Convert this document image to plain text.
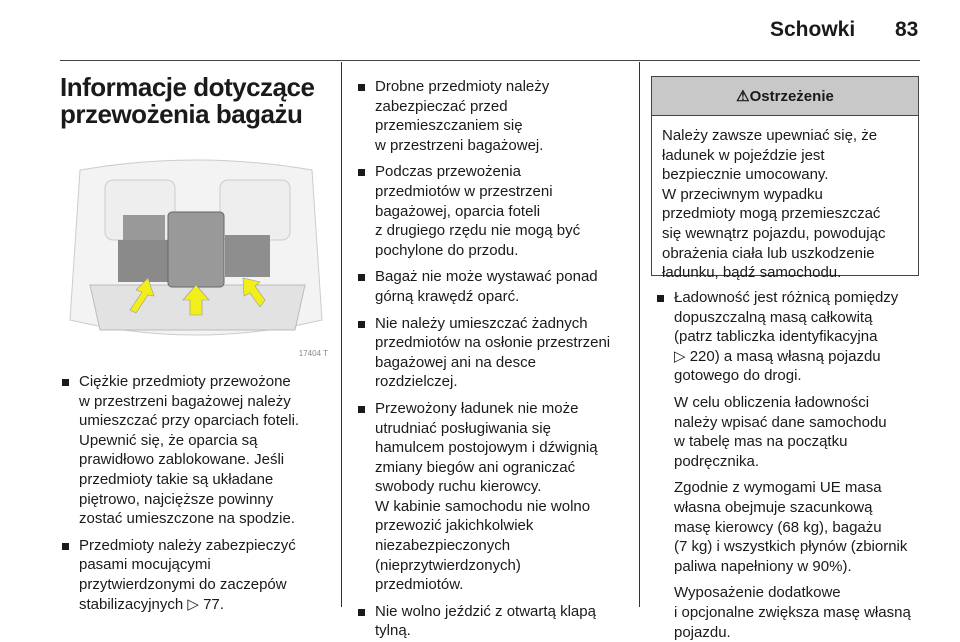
Schowki 83
Informacje dotyczące
przewożenia bagażu
17404 T
Ciężkie przedmioty przewożone
w przestrzeni bagażowej należy
umieszczać przy oparciach foteli.
Upewnić się, że oparcia są
prawidłowo zablokowane. Jeśli
przedmioty takie są układane
piętrowo, najcięższe powinny
zostać umieszczone na spodzie.
Przedmioty należy zabezpieczyć
pasami mocującymi
przytwierdzonymi do zaczepów
stabilizacyjnych ▷ 77.
Drobne przedmioty należy
zabezpieczać przed
przemieszczaniem się
w przestrzeni bagażowej.
Podczas przewożenia
przedmiotów w przestrzeni
bagażowej, oparcia foteli
z drugiego rzędu nie mogą być
pochylone do przodu.
Bagaż nie może wystawać ponad
górną krawędź oparć.
Nie należy umieszczać żadnych
przedmiotów na osłonie przestrzeni
bagażowej ani na desce
rozdzielczej.
Przewożony ładunek nie może
utrudniać posługiwania się
hamulcem postojowym i dźwignią
zmiany biegów ani ograniczać
swobody ruchu kierowcy.
W kabinie samochodu nie wolno
przewozić jakichkolwiek
niezabezpieczonych
(nieprzytwierdzonych)
przedmiotów.
Nie wolno jeździć z otwartą klapą
tylną.
⚠Ostrzeżenie
Należy zawsze upewniać się, że
ładunek w pojeździe jest
bezpiecznie umocowany.
W przeciwnym wypadku
przedmioty mogą przemieszczać
się wewnątrz pojazdu, powodując
obrażenia ciała lub uszkodzenie
ładunku, bądź samochodu.
Ładowność jest różnicą pomiędzy
dopuszczalną masą całkowitą
(patrz tabliczka identyfikacyjna
▷ 220) a masą własną pojazdu
gotowego do drogi.
W celu obliczenia ładowności
należy wpisać dane samochodu
w tabelę mas na początku
podręcznika.
Zgodnie z wymogami UE masa
własna obejmuje szacunkową
masę kierowcy (68 kg), bagażu
(7 kg) i wszystkich płynów (zbiornik
paliwa napełniony w 90%).
Wyposażenie dodatkowe
i opcjonalne zwiększa masę własną
pojazdu.
